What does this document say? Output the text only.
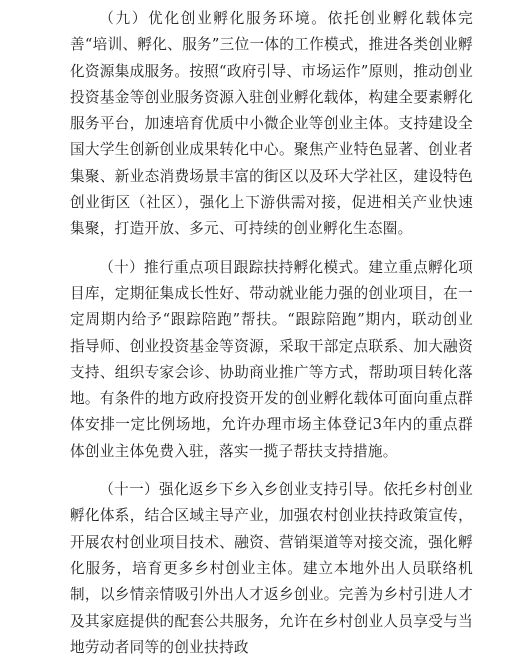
（九）优化创业孵化服务环境。依托创业孵化载体完善“培训、孵化、服务”三位一体的工作模式，推进各类创业孵化资源集成服务。按照“政府引导、市场运作”原则，推动创业投资基金等创业服务资源入驻创业孵化载体，构建全要素孵化服务平台，加速培育优质中小微企业等创业主体。支持建设全国大学生创新创业成果转化中心。聚焦产业特色显著、创业者集聚、新业态消费场景丰富的街区以及环大学社区，建设特色创业街区（社区），强化上下游供需对接，促进相关产业快速集聚，打造开放、多元、可持续的创业孵化生态圈。

（十）推行重点项目跟踪扶持孵化模式。建立重点孵化项目库，定期征集成长性好、带动就业能力强的创业项目，在一定周期内给予“跟踪陪跑”帮扶。“跟踪陪跑”期内，联动创业指导师、创业投资基金等资源，采取干部定点联系、加大融资支持、组织专家会诊、协助商业推广等方式，帮助项目转化落地。有条件的地方政府投资开发的创业孵化载体可面向重点群体安排一定比例场地，允许办理市场主体登记3年内的重点群体创业主体免费入驻，落实一揽子帮扶支持措施。

（十一）强化返乡下乡入乡创业支持引导。依托乡村创业孵化体系，结合区域主导产业，加强农村创业扶持政策宣传，开展农村创业项目技术、融资、营销渠道等对接交流，强化孵化服务，培育更多乡村创业主体。建立本地外出人员联络机制，以乡情亲情吸引外出人才返乡创业。完善为乡村引进人才及其家庭提供的配套公共服务，允许在乡村创业人员享受与当地劳动者同等的创业扶持政
